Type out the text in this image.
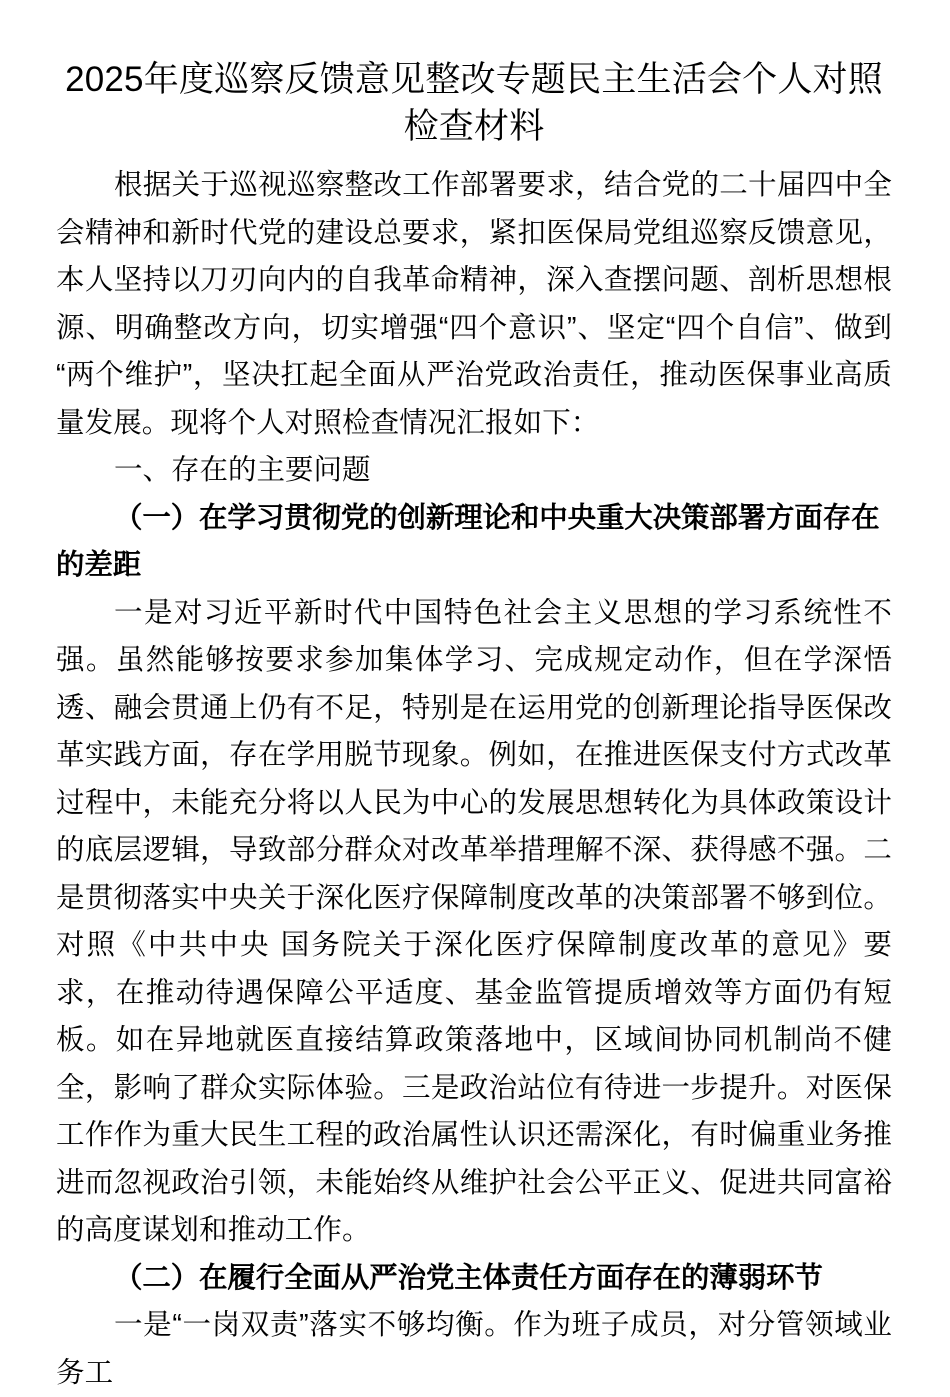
2025年度巡察反馈意见整改专题民主生活会个人对照检查材料

根据关于巡视巡察整改工作部署要求，结合党的二十届四中全会精神和新时代党的建设总要求，紧扣医保局党组巡察反馈意见，本人坚持以刀刃向内的自我革命精神，深入查摆问题、剖析思想根源、明确整改方向，切实增强“四个意识”、坚定“四个自信”、做到“两个维护”，坚决扛起全面从严治党政治责任，推动医保事业高质量发展。现将个人对照检查情况汇报如下：

一、存在的主要问题

（一）在学习贯彻党的创新理论和中央重大决策部署方面存在的差距

一是对习近平新时代中国特色社会主义思想的学习系统性不强。虽然能够按要求参加集体学习、完成规定动作，但在学深悟透、融会贯通上仍有不足，特别是在运用党的创新理论指导医保改革实践方面，存在学用脱节现象。例如，在推进医保支付方式改革过程中，未能充分将以人民为中心的发展思想转化为具体政策设计的底层逻辑，导致部分群众对改革举措理解不深、获得感不强。二是贯彻落实中央关于深化医疗保障制度改革的决策部署不够到位。对照《中共中央 国务院关于深化医疗保障制度改革的意见》要求，在推动待遇保障公平适度、基金监管提质增效等方面仍有短板。如在异地就医直接结算政策落地中，区域间协同机制尚不健全，影响了群众实际体验。三是政治站位有待进一步提升。对医保工作作为重大民生工程的政治属性认识还需深化，有时偏重业务推进而忽视政治引领，未能始终从维护社会公平正义、促进共同富裕的高度谋划和推动工作。

（二）在履行全面从严治党主体责任方面存在的薄弱环节

一是“一岗双责”落实不够均衡。作为班子成员，对分管领域业务工
